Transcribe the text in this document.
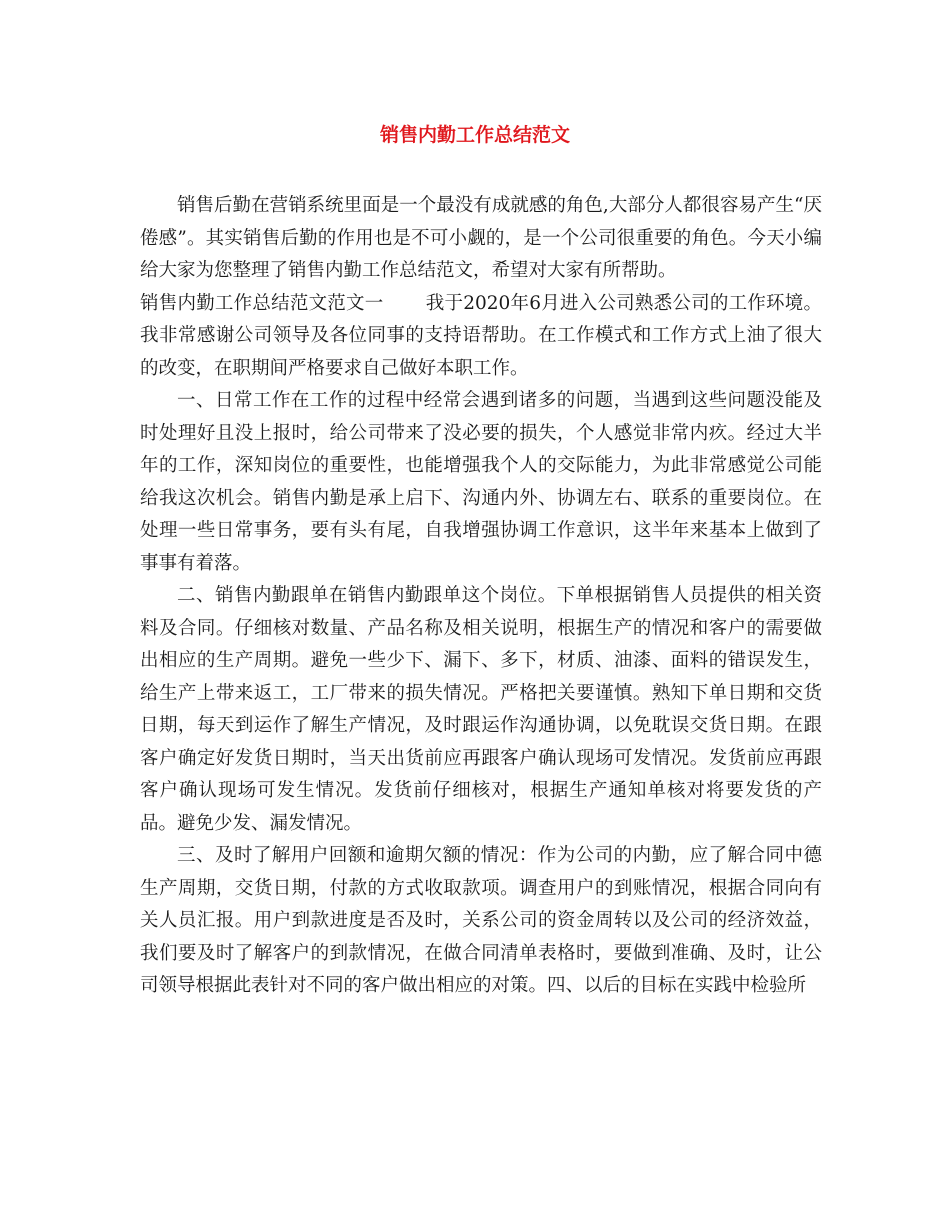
销售内勤工作总结范文

销售后勤在营销系统里面是一个最没有成就感的角色,大部分人都很容易产生“厌倦感”。其实销售后勤的作用也是不可小觑的，是一个公司很重要的角色。今天小编给大家为您整理了销售内勤工作总结范文，希望对大家有所帮助。

销售内勤工作总结范文范文一 我于2020年6月进入公司熟悉公司的工作环境。我非常感谢公司领导及各位同事的支持语帮助。在工作模式和工作方式上油了很大的改变，在职期间严格要求自己做好本职工作。

一、日常工作在工作的过程中经常会遇到诸多的问题，当遇到这些问题没能及时处理好且没上报时，给公司带来了没必要的损失，个人感觉非常内疚。经过大半年的工作，深知岗位的重要性，也能增强我个人的交际能力，为此非常感觉公司能给我这次机会。销售内勤是承上启下、沟通内外、协调左右、联系的重要岗位。在处理一些日常事务，要有头有尾，自我增强协调工作意识，这半年来基本上做到了事事有着落。

二、销售内勤跟单在销售内勤跟单这个岗位。下单根据销售人员提供的相关资料及合同。仔细核对数量、产品名称及相关说明，根据生产的情况和客户的需要做出相应的生产周期。避免一些少下、漏下、多下，材质、油漆、面料的错误发生，给生产上带来返工，工厂带来的损失情况。严格把关要谨慎。熟知下单日期和交货日期，每天到运作了解生产情况，及时跟运作沟通协调，以免耽误交货日期。在跟客户确定好发货日期时，当天出货前应再跟客户确认现场可发情况。发货前应再跟客户确认现场可发生情况。发货前仔细核对，根据生产通知单核对将要发货的产品。避免少发、漏发情况。

三、及时了解用户回额和逾期欠额的情况：作为公司的内勤，应了解合同中德生产周期，交货日期，付款的方式收取款项。调查用户的到账情况，根据合同向有关人员汇报。用户到款进度是否及时，关系公司的资金周转以及公司的经济效益，我们要及时了解客户的到款情况，在做合同清单表格时，要做到准确、及时，让公司领导根据此表针对不同的客户做出相应的对策。四、以后的目标在实践中检验所
